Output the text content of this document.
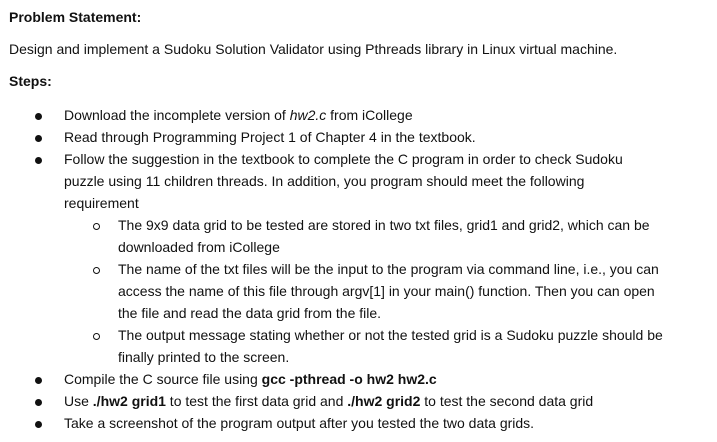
Problem Statement:
Design and implement a Sudoku Solution Validator using Pthreads library in Linux virtual machine.
Steps:
Download the incomplete version of hw2.c from iCollege
Read through Programming Project 1 of Chapter 4 in the textbook.
Follow the suggestion in the textbook to complete the C program in order to check Sudoku
puzzle using 11 children threads. In addition, you program should meet the following
requirement
The 9x9 data grid to be tested are stored in two txt files, grid1 and grid2, which can be
downloaded from iCollege
The name of the txt files will be the input to the program via command line, i.e., you can
access the name of this file through argv[1] in your main() function. Then you can open
the file and read the data grid from the file.
The output message stating whether or not the tested grid is a Sudoku puzzle should be
finally printed to the screen.
Compile the C source file using gcc -pthread -o hw2 hw2.c
Use ./hw2 grid1 to test the first data grid and ./hw2 grid2 to test the second data grid
Take a screenshot of the program output after you tested the two data grids.
